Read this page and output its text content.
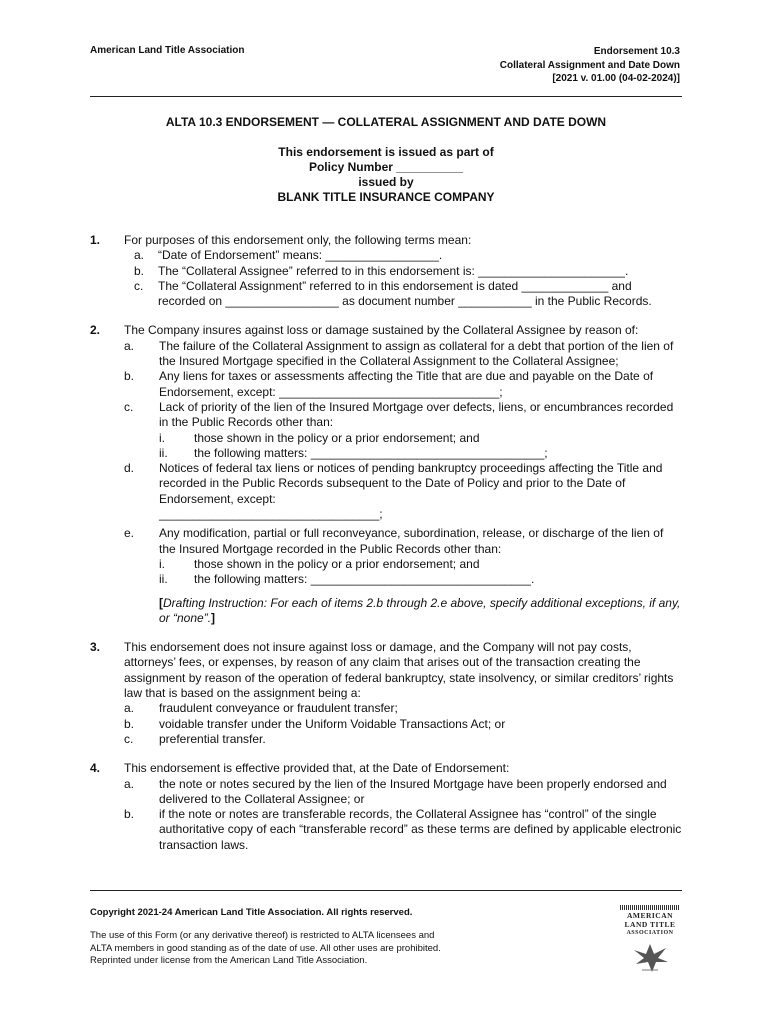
American Land Title Association	Endorsement 10.3
Collateral Assignment and Date Down
[2021 v. 01.00 (04-02-2024)]
ALTA 10.3 ENDORSEMENT — COLLATERAL ASSIGNMENT AND DATE DOWN
This endorsement is issued as part of
Policy Number __________
issued by
BLANK TITLE INSURANCE COMPANY
1.	For purposes of this endorsement only, the following terms mean:
a.	“Date of Endorsement” means: _________________.
b.	The “Collateral Assignee” referred to in this endorsement is: ______________________.
c.	The “Collateral Assignment” referred to in this endorsement is dated _____________ and recorded on _________________ as document number ___________ in the Public Records.
2.	The Company insures against loss or damage sustained by the Collateral Assignee by reason of:
a.	The failure of the Collateral Assignment to assign as collateral for a debt that portion of the lien of the Insured Mortgage specified in the Collateral Assignment to the Collateral Assignee;
b.	Any liens for taxes or assessments affecting the Title that are due and payable on the Date of Endorsement, except: _________________________________;
c.	Lack of priority of the lien of the Insured Mortgage over defects, liens, or encumbrances recorded in the Public Records other than:
i.	those shown in the policy or a prior endorsement; and
ii.	the following matters: ___________________________________;
d.	Notices of federal tax liens or notices of pending bankruptcy proceedings affecting the Title and recorded in the Public Records subsequent to the Date of Policy and prior to the Date of Endorsement, except:
_________________________________;
e.	Any modification, partial or full reconveyance, subordination, release, or discharge of the lien of the Insured Mortgage recorded in the Public Records other than:
i.	those shown in the policy or a prior endorsement; and
ii.	the following matters: _________________________________.
[Drafting Instruction: For each of items 2.b through 2.e above, specify additional exceptions, if any, or “none”.]
3.	This endorsement does not insure against loss or damage, and the Company will not pay costs, attorneys’ fees, or expenses, by reason of any claim that arises out of the transaction creating the assignment by reason of the operation of federal bankruptcy, state insolvency, or similar creditors’ rights law that is based on the assignment being a:
a.	fraudulent conveyance or fraudulent transfer;
b.	voidable transfer under the Uniform Voidable Transactions Act; or
c.	preferential transfer.
4.	This endorsement is effective provided that, at the Date of Endorsement:
a.	the note or notes secured by the lien of the Insured Mortgage have been properly endorsed and delivered to the Collateral Assignee; or
b.	if the note or notes are transferable records, the Collateral Assignee has “control” of the single authoritative copy of each “transferable record” as these terms are defined by applicable electronic transaction laws.
Copyright 2021-24 American Land Title Association. All rights reserved.
The use of this Form (or any derivative thereof) is restricted to ALTA licensees and
ALTA members in good standing as of the date of use. All other uses are prohibited.
Reprinted under license from the American Land Title Association.
AMERICAN
LAND TITLE
ASSOCIATION
